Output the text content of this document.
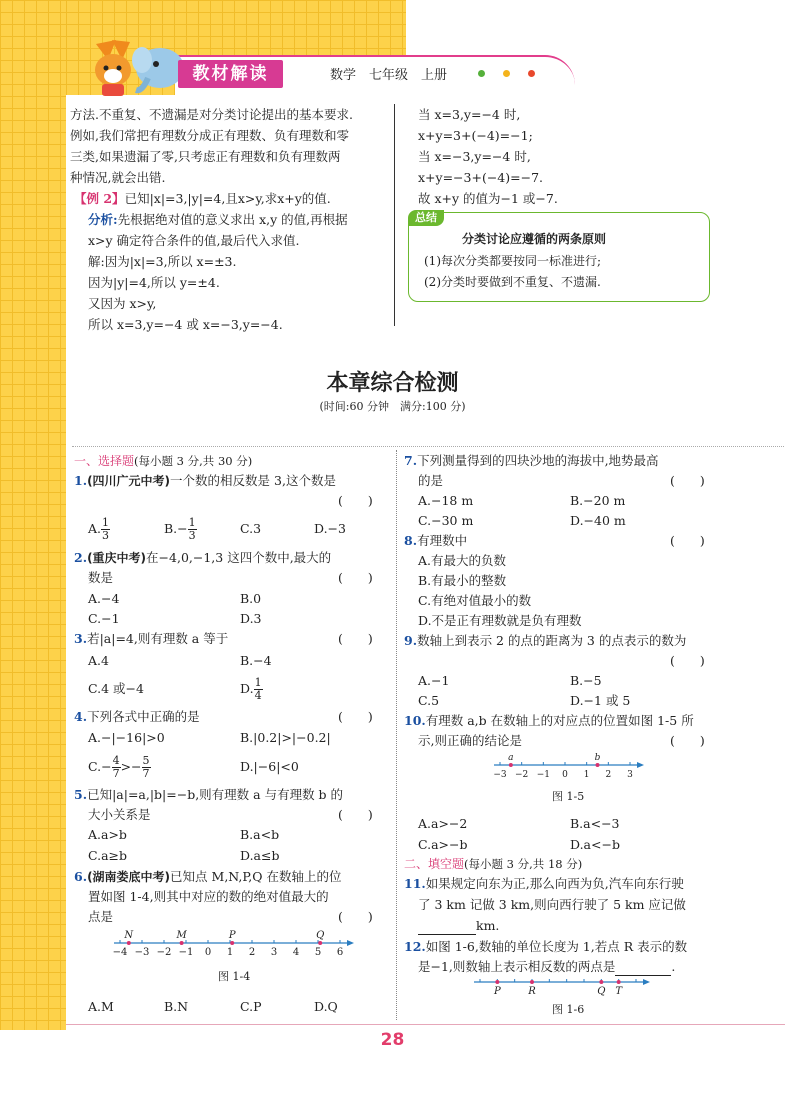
教材解读	数学　七年级　上册
方法.不重复、不遗漏是对分类讨论提出的基本要求.
例如,我们常把有理数分成正有理数、负有理数和零
三类,如果遗漏了零,只考虑正有理数和负有理数两
种情况,就会出错.
【例 2】已知|x|=3,|y|=4,且x>y,求x+y的值.
分析:先根据绝对值的意义求出 x,y 的值,再根据
x>y 确定符合条件的值,最后代入求值.
解:因为|x|=3,所以 x=±3.
因为|y|=4,所以 y=±4.
又因为 x>y,
所以 x=3,y=−4 或 x=−3,y=−4.
当 x=3,y=−4 时,
x+y=3+(−4)=−1;
当 x=−3,y=−4 时,
x+y=−3+(−4)=−7.
故 x+y 的值为−1 或−7.
总结
分类讨论应遵循的两条原则
(1)每次分类都要按同一标准进行;
(2)分类时要做到不重复、不遗漏.
本章综合检测
(时间:60 分钟　满分:100 分)
一、选择题(每小题 3 分,共 30 分)
1.(四川广元中考)一个数的相反数是 3,这个数是
(　　)
A. $\frac{1}{3}$	$B.- \frac{1}{3}$	C.3	D.−3
2.(重庆中考)在−4,0,−1,3 这四个数中,最大的
数是	(　　)
A.−4	B.0
C.−1	D.3
3.若|a|=4,则有理数 a 等于	(　　)
A.4	B.−4
C.4 或−4	D. $\frac{1}{4}$
4.下列各式中正确的是	(　　)
A.−|−16|>0	B.|0.2|>|−0.2|
$C.- \frac{4}{7} >- \frac{5}{7}$	D.|−6|<0
5.已知|a|=a,|b|=−b,则有理数 a 与有理数 b 的
大小关系是	(　　)
A.a>b	B.a<b
C.a≥b	D.a≤b
6.(湖南娄底中考)已知点 M,N,P,Q 在数轴上的位
置如图 1-4,则其中对应的数的绝对值最大的
点是	(　　)
−4 −3 −2 −1 0 1 2 3 4 5 6
N	M	P	Q
图 1-4
A.M	B.N	C.P	D.Q
7.下列测量得到的四块沙地的海拔中,地势最高
的是	(　　)
A.−18 m	B.−20 m
C.−30 m	D.−40 m
8.有理数中	(　　)
A.有最大的负数
B.有最小的整数
C.有绝对值最小的数
D.不是正有理数就是负有理数
9.数轴上到表示 2 的点的距离为 3 的点表示的数为
(　　)
A.−1	B.−5
C.5	D.−1 或 5
10.有理数 a,b 在数轴上的对应点的位置如图 1-5 所
示,则正确的结论是	(　　)
−3 −2 −1 0 1 2 3
a	b
图 1-5
A.a>−2	B.a<−3
C.a>−b	D.a<−b
二、填空题(每小题 3 分,共 18 分)
11.如果规定向东为正,那么向西为负,汽车向东行驶
了 3 km 记做 3 km,则向西行驶了 5 km 应记做
km.
12.如图 1-6,数轴的单位长度为 1,若点 R 表示的数
是−1,则数轴上表示相反数的两点是	.
P	R	Q T
图 1-6
28
